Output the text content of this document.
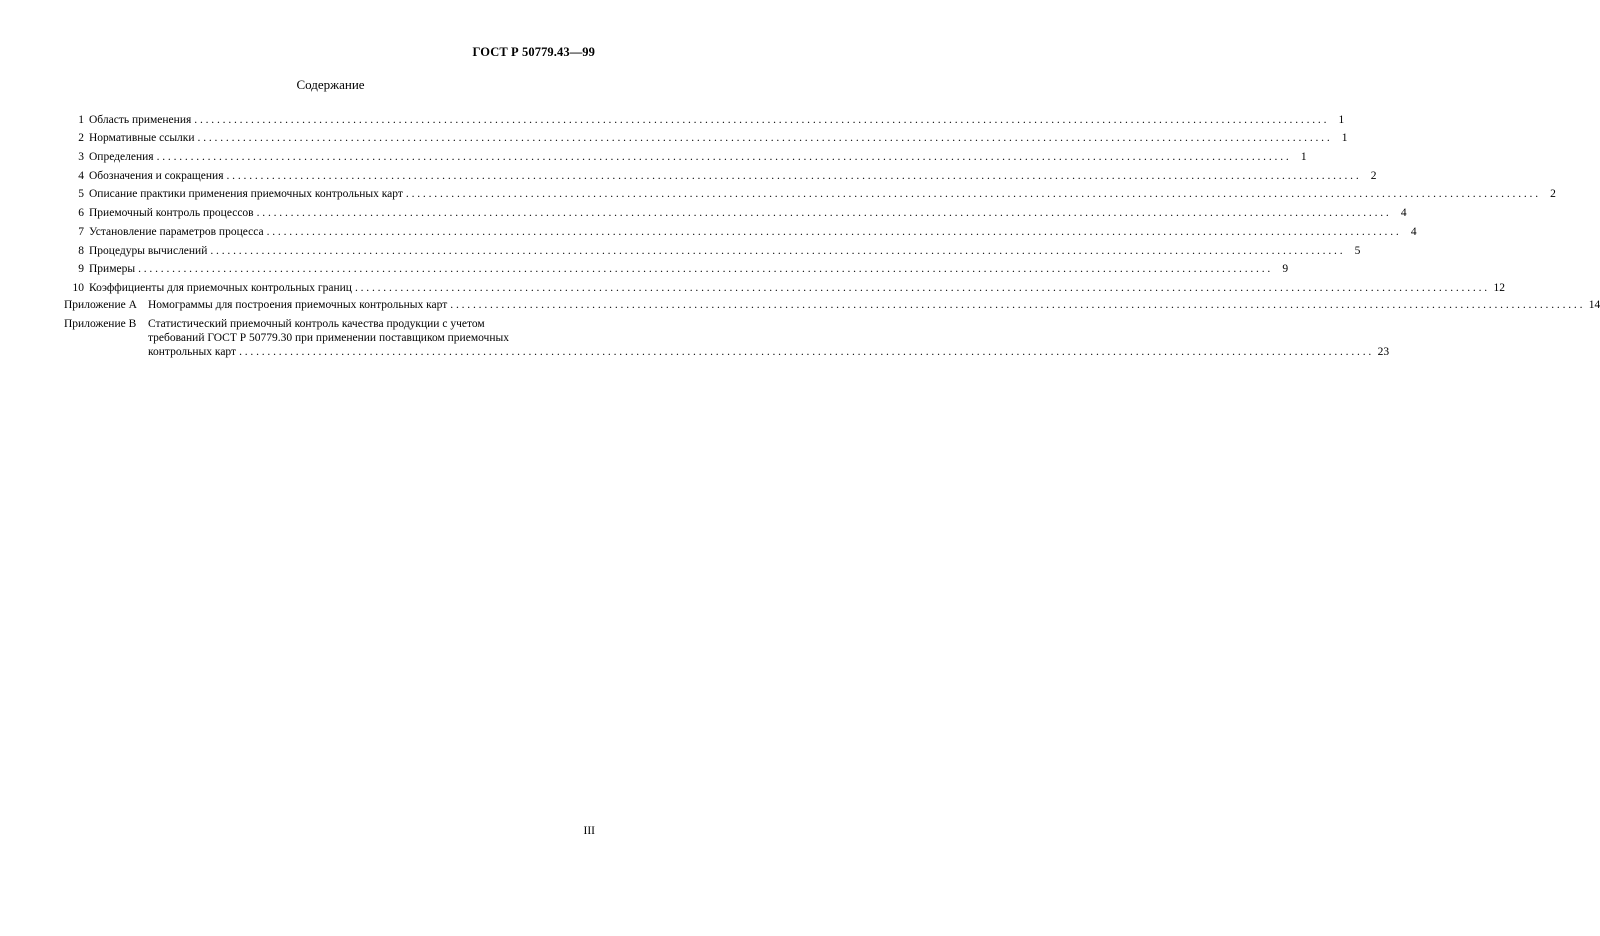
ГОСТ Р 50779.43—99
Содержание
1 Область применения ........................................................................................................................................................................................................ 1
2 Нормативные ссылки ........................................................................................................................................................................................................ 1
3 Определения ........................................................................................................................................................................................................ 1
4 Обозначения и сокращения ........................................................................................................................................................................................................ 2
5 Описание практики применения приемочных контрольных карт ........................................................................................................................................................................................................ 2
6 Приемочный контроль процессов ........................................................................................................................................................................................................ 4
7 Установление параметров процесса ........................................................................................................................................................................................................ 4
8 Процедуры вычислений ........................................................................................................................................................................................................ 5
9 Примеры ........................................................................................................................................................................................................ 9
10 Коэффициенты для приемочных контрольных границ ........................................................................................................................................................................................................ 12
Приложение А Номограммы для построения приемочных контрольных карт ........................................................................................................................................................................................................ 14
Приложение В	Статистический приемочный контроль качества продукции с учетом
требований ГОСТ Р 50779.30 при применении поставщиком приемочных
контрольных карт ........................................................................................................................................................................................................ 23
III
